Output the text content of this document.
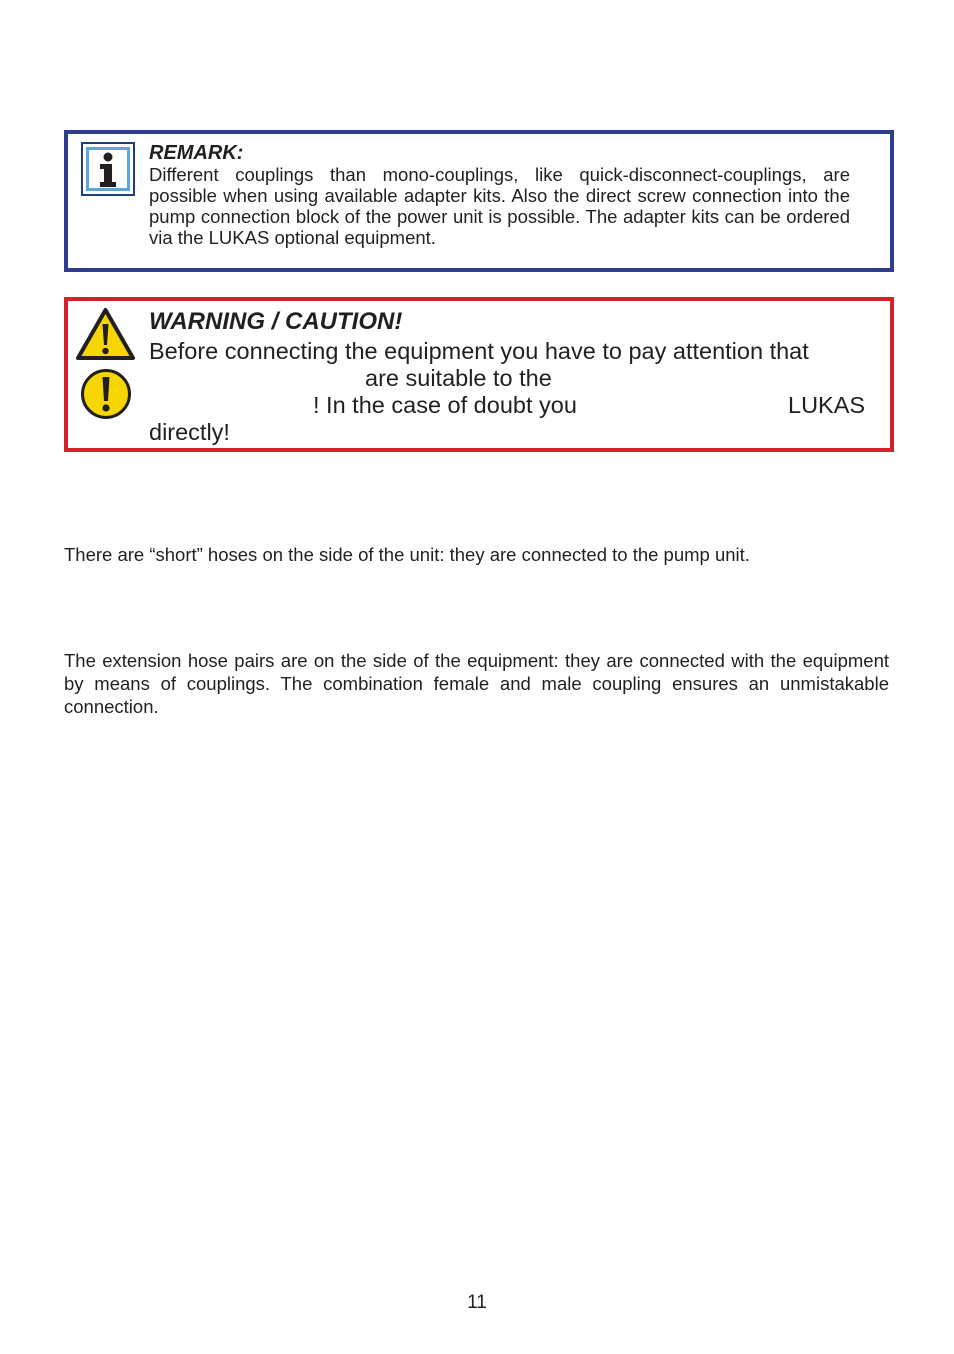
REMARK:
Different couplings than mono-couplings, like quick-disconnect-couplings, are possible when using available adapter kits. Also the direct screw connection into the pump connection block of the power unit is possible. The adapter kits can be ordered via the LUKAS optional equipment.
WARNING / CAUTION!
Before connecting the equipment you have to pay attention that
are suitable to the
! In the case of doubt you	LUKAS
directly!
There are “short” hoses on the side of the unit: they are connected to the pump unit.
The extension hose pairs are on the side of the equipment: they are connected with the equipment by means of couplings. The combination female and male coupling ensures an unmistakable connection.
11
